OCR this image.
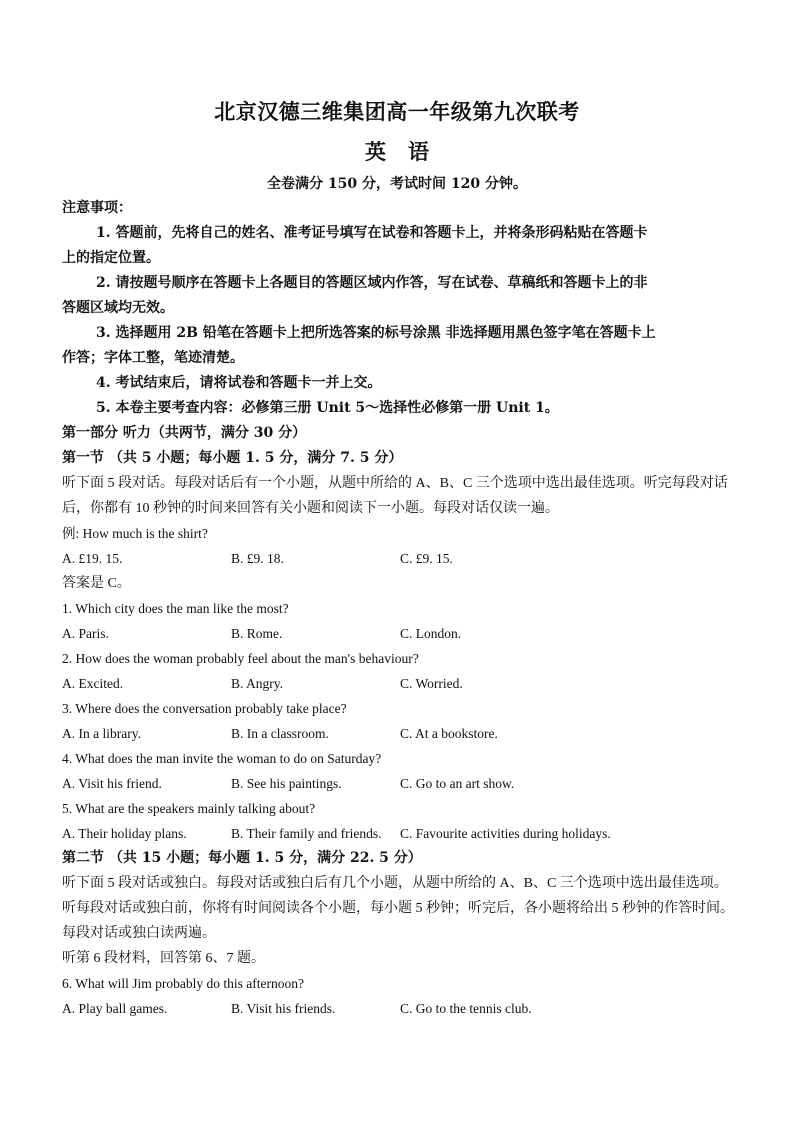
北京汉德三维集团高一年级第九次联考
英语
全卷满分 150 分，考试时间 120 分钟。
注意事项：
1. 答题前，先将自己的姓名、准考证号填写在试卷和答题卡上，并将条形码粘贴在答题卡
上的指定位置。
2. 请按题号顺序在答题卡上各题目的答题区域内作答，写在试卷、草稿纸和答题卡上的非
答题区域均无效。
3. 选择题用 2B 铅笔在答题卡上把所选答案的标号涂黑 非选择题用黑色签字笔在答题卡上
作答；字体工整，笔迹清楚。
4. 考试结束后，请将试卷和答题卡一并上交。
5. 本卷主要考查内容：必修第三册 Unit 5～选择性必修第一册 Unit 1。
第一部分 听力（共两节，满分 30 分）
第一节 （共 5 小题；每小题 1. 5 分，满分 7. 5 分）
听下面 5 段对话。每段对话后有一个小题，从题中所给的 A、B、C 三个选项中选出最佳选项。听完每段对话
后，你都有 10 秒钟的时间来回答有关小题和阅读下一小题。每段对话仅读一遍。
例: How much is the shirt?
A. £19. 15.	B. £9. 18.	C. £9. 15.
答案是 C。
1. Which city does the man like the most?
A. Paris.	B. Rome.	C. London.
2. How does the woman probably feel about the man's behaviour?
A. Excited.	B. Angry.	C. Worried.
3. Where does the conversation probably take place?
A. In a library.	B. In a classroom.	C. At a bookstore.
4. What does the man invite the woman to do on Saturday?
A. Visit his friend.	B. See his paintings.	C. Go to an art show.
5. What are the speakers mainly talking about?
A. Their holiday plans.	B. Their family and friends.	C. Favourite activities during holidays.
第二节 （共 15 小题；每小题 1. 5 分，满分 22. 5 分）
听下面 5 段对话或独白。每段对话或独白后有几个小题，从题中所给的 A、B、C 三个选项中选出最佳选项。
听每段对话或独白前，你将有时间阅读各个小题，每小题 5 秒钟；听完后，各小题将给出 5 秒钟的作答时间。
每段对话或独白读两遍。
听第 6 段材料，回答第 6、7 题。
6. What will Jim probably do this afternoon?
A. Play ball games.	B. Visit his friends.	C. Go to the tennis club.
